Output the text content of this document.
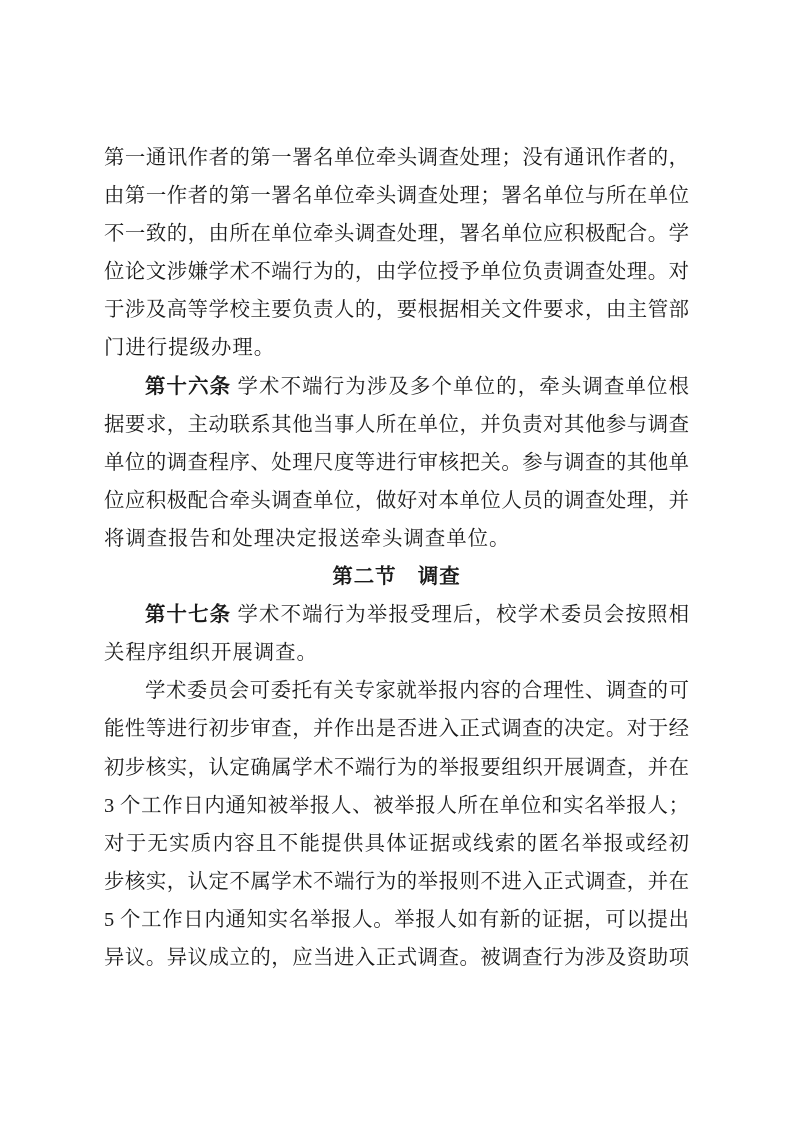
第一通讯作者的第一署名单位牵头调查处理；没有通讯作者的，
由第一作者的第一署名单位牵头调查处理；署名单位与所在单位
不一致的，由所在单位牵头调查处理，署名单位应积极配合。学
位论文涉嫌学术不端行为的，由学位授予单位负责调查处理。对
于涉及高等学校主要负责人的，要根据相关文件要求，由主管部
门进行提级办理。
第十六条 学术不端行为涉及多个单位的，牵头调查单位根
据要求，主动联系其他当事人所在单位，并负责对其他参与调查
单位的调查程序、处理尺度等进行审核把关。参与调查的其他单
位应积极配合牵头调查单位，做好对本单位人员的调查处理，并
将调查报告和处理决定报送牵头调查单位。
第二节　调查
第十七条 学术不端行为举报受理后，校学术委员会按照相
关程序组织开展调查。
学术委员会可委托有关专家就举报内容的合理性、调查的可
能性等进行初步审查，并作出是否进入正式调查的决定。对于经
初步核实，认定确属学术不端行为的举报要组织开展调查，并在
3 个工作日内通知被举报人、被举报人所在单位和实名举报人；
对于无实质内容且不能提供具体证据或线索的匿名举报或经初
步核实，认定不属学术不端行为的举报则不进入正式调查，并在
5 个工作日内通知实名举报人。举报人如有新的证据，可以提出
异议。异议成立的，应当进入正式调查。被调查行为涉及资助项
